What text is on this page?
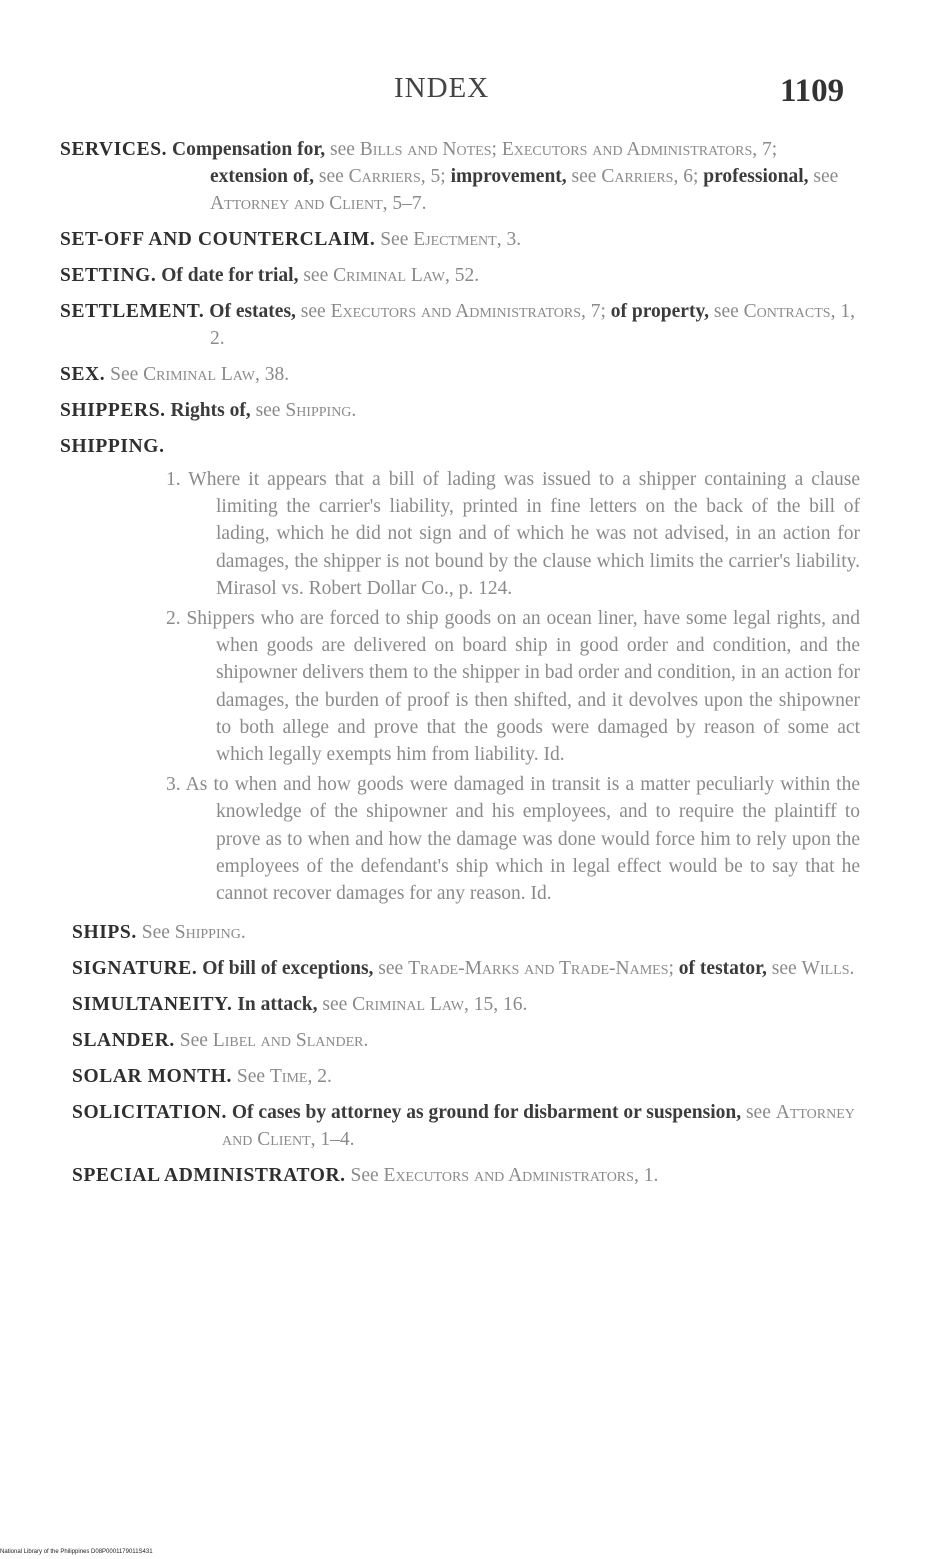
INDEX	1109
SERVICES. Compensation for, see Bills and Notes; Executors and Administrators, 7; extension of, see Carriers, 5; improvement, see Carriers, 6; professional, see Attorney and Client, 5–7.
SET-OFF AND COUNTERCLAIM. See Ejectment, 3.
SETTING. Of date for trial, see Criminal Law, 52.
SETTLEMENT. Of estates, see Executors and Administrators, 7; of property, see Contracts, 1, 2.
SEX. See Criminal Law, 38.
SHIPPERS. Rights of, see Shipping.
SHIPPING.
1. Where it appears that a bill of lading was issued to a shipper containing a clause limiting the carrier's liability, printed in fine letters on the back of the bill of lading, which he did not sign and of which he was not advised, in an action for damages, the shipper is not bound by the clause which limits the carrier's liability. Mirasol vs. Robert Dollar Co., p. 124.
2. Shippers who are forced to ship goods on an ocean liner, have some legal rights, and when goods are delivered on board ship in good order and condition, and the shipowner delivers them to the shipper in bad order and condition, in an action for damages, the burden of proof is then shifted, and it devolves upon the shipowner to both allege and prove that the goods were damaged by reason of some act which legally exempts him from liability. Id.
3. As to when and how goods were damaged in transit is a matter peculiarly within the knowledge of the shipowner and his employees, and to require the plaintiff to prove as to when and how the damage was done would force him to rely upon the employees of the defendant's ship which in legal effect would be to say that he cannot recover damages for any reason. Id.
SHIPS. See Shipping.
SIGNATURE. Of bill of exceptions, see Trade-Marks and Trade-Names; of testator, see Wills.
SIMULTANEITY. In attack, see Criminal Law, 15, 16.
SLANDER. See Libel and Slander.
SOLAR MONTH. See Time, 2.
SOLICITATION. Of cases by attorney as ground for disbarment or suspension, see Attorney and Client, 1–4.
SPECIAL ADMINISTRATOR. See Executors and Administrators, 1.
National Library of the Philippines D08P0001179011S431
